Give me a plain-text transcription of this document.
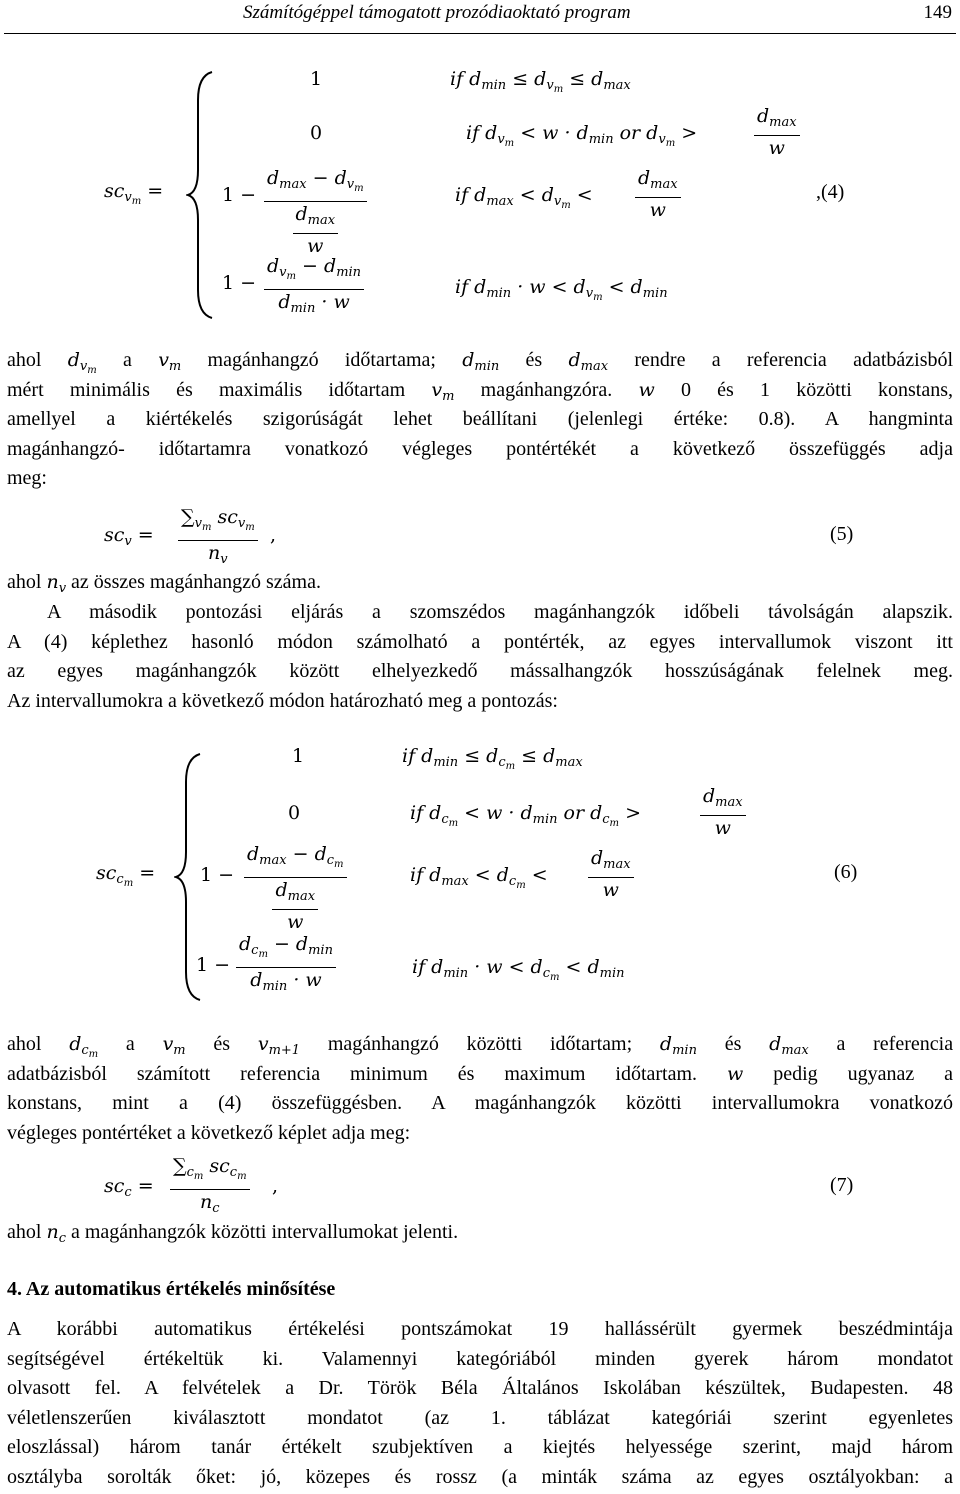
Számítógéppel támogatott prozódiaoktató program	149
$sc_{v_m}$ =
1
0
1 −
$d_{max} - d_{v_m}$
$\frac{d_{max}}{w}$
1 −
$d_{v_m} - d_{min}$
$d_{min} \cdot w$
if $d_{min} \le d_{v_m} \le d_{max}$
if $d_{v_m} < w \cdot d_{min}$ or $d_{v_m}$ >
$d_{max}$
w
if $d_{max} < d_{v_m}$ <
$d_{max}$
w
if $d_{min} \cdot w < d_{v_m} < d_{min}$
,(4)
ahol $d_{v_m}$ a $v_m$ magánhangzó időtartama; $d_{min}$ és $d_{max}$ rendre a referencia adatbázisból
mért minimális és maximális időtartam $v_m$ magánhangzóra. w 0 és 1 közötti konstans,
amellyel a kiértékelés szigorúságát lehet beállítani (jelenlegi értéke: 0.8). A hangminta
magánhangzó- időtartamra vonatkozó végleges pontértékét a következő összefüggés adja
meg:
$sc_v$ =
$\sum_{v_m}$ $sc_{v_m}$
$n_v$
,	(5)
ahol $n_v$ az összes magánhangzó száma.
A második pontozási eljárás a szomszédos magánhangzók időbeli távolságán alapszik.
A (4) képlethez hasonló módon számolható a pontérték, az egyes intervallumok viszont itt
az egyes magánhangzók között elhelyezkedő mássalhangzók hosszúságának felelnek meg.
Az intervallumokra a következő módon határozható meg a pontozás:
$sc_{c_m}$ =
1
0
1 −
$d_{max} - d_{c_m}$
$\frac{d_{max}}{w}$
1 −
$d_{c_m} - d_{min}$
$d_{min} \cdot w$
if $d_{min} \le d_{c_m} \le d_{max}$
if $d_{c_m} < w \cdot d_{min}$ or $d_{c_m}$ >
$d_{max}$
w
if $d_{max} < d_{c_m}$ <
$d_{max}$
w
if $d_{min} \cdot w < d_{c_m} < d_{min}$
(6)
ahol $d_{c_m}$ a $v_m$ és $v_{m+1}$ magánhangzó közötti időtartam; $d_{min}$ és $d_{max}$ a referencia
adatbázisból számított referencia minimum és maximum időtartam. w pedig ugyanaz a
konstans, mint a (4) összefüggésben. A magánhangzók közötti intervallumokra vonatkozó
végleges pontértéket a következő képlet adja meg:
$sc_c$ =
$\sum_{c_m}$ $sc_{c_m}$
$n_c$
,	(7)
ahol $n_c$ a magánhangzók közötti intervallumokat jelenti.
4. Az automatikus értékelés minősítése
A korábbi automatikus értékelési pontszámokat 19 hallássérült gyermek beszédmintája
segítségével értékeltük ki. Valamennyi kategóriából minden gyerek három mondatot
olvasott fel. A felvételek a Dr. Török Béla Általános Iskolában készültek, Budapesten. 48
véletlenszerűen kiválasztott mondatot (az 1. táblázat kategóriái szerint egyenletes
eloszlással) három tanár értékelt szubjektíven a kiejtés helyessége szerint, majd három
osztályba sorolták őket: jó, közepes és rossz (a minták száma az egyes osztályokban: a
